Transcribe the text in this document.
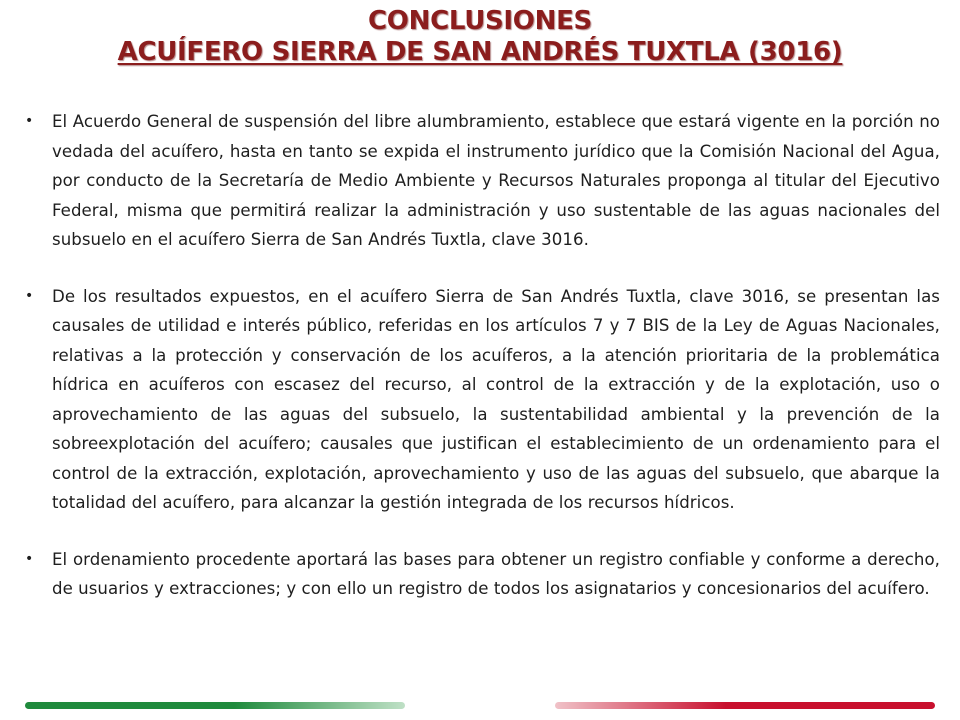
CONCLUSIONES
ACUÍFERO SIERRA DE SAN ANDRÉS TUXTLA (3016)
• El Acuerdo General de suspensión del libre alumbramiento, establece que estará vigente en la porción no vedada del acuífero, hasta en tanto se expida el instrumento jurídico que la Comisión Nacional del Agua, por conducto de la Secretaría de Medio Ambiente y Recursos Naturales proponga al titular del Ejecutivo Federal, misma que permitirá realizar la administración y uso sustentable de las aguas nacionales del subsuelo en el acuífero Sierra de San Andrés Tuxtla, clave 3016.
• De los resultados expuestos, en el acuífero Sierra de San Andrés Tuxtla, clave 3016, se presentan las causales de utilidad e interés público, referidas en los artículos 7 y 7 BIS de la Ley de Aguas Nacionales, relativas a la protección y conservación de los acuíferos, a la atención prioritaria de la problemática hídrica en acuíferos con escasez del recurso, al control de la extracción y de la explotación, uso o aprovechamiento de las aguas del subsuelo, la sustentabilidad ambiental y la prevención de la sobreexplotación del acuífero; causales que justifican el establecimiento de un ordenamiento para el control de la extracción, explotación, aprovechamiento y uso de las aguas del subsuelo, que abarque la totalidad del acuífero, para alcanzar la gestión integrada de los recursos hídricos.
• El ordenamiento procedente aportará las bases para obtener un registro confiable y conforme a derecho, de usuarios y extracciones; y con ello un registro de todos los asignatarios y concesionarios del acuífero.
